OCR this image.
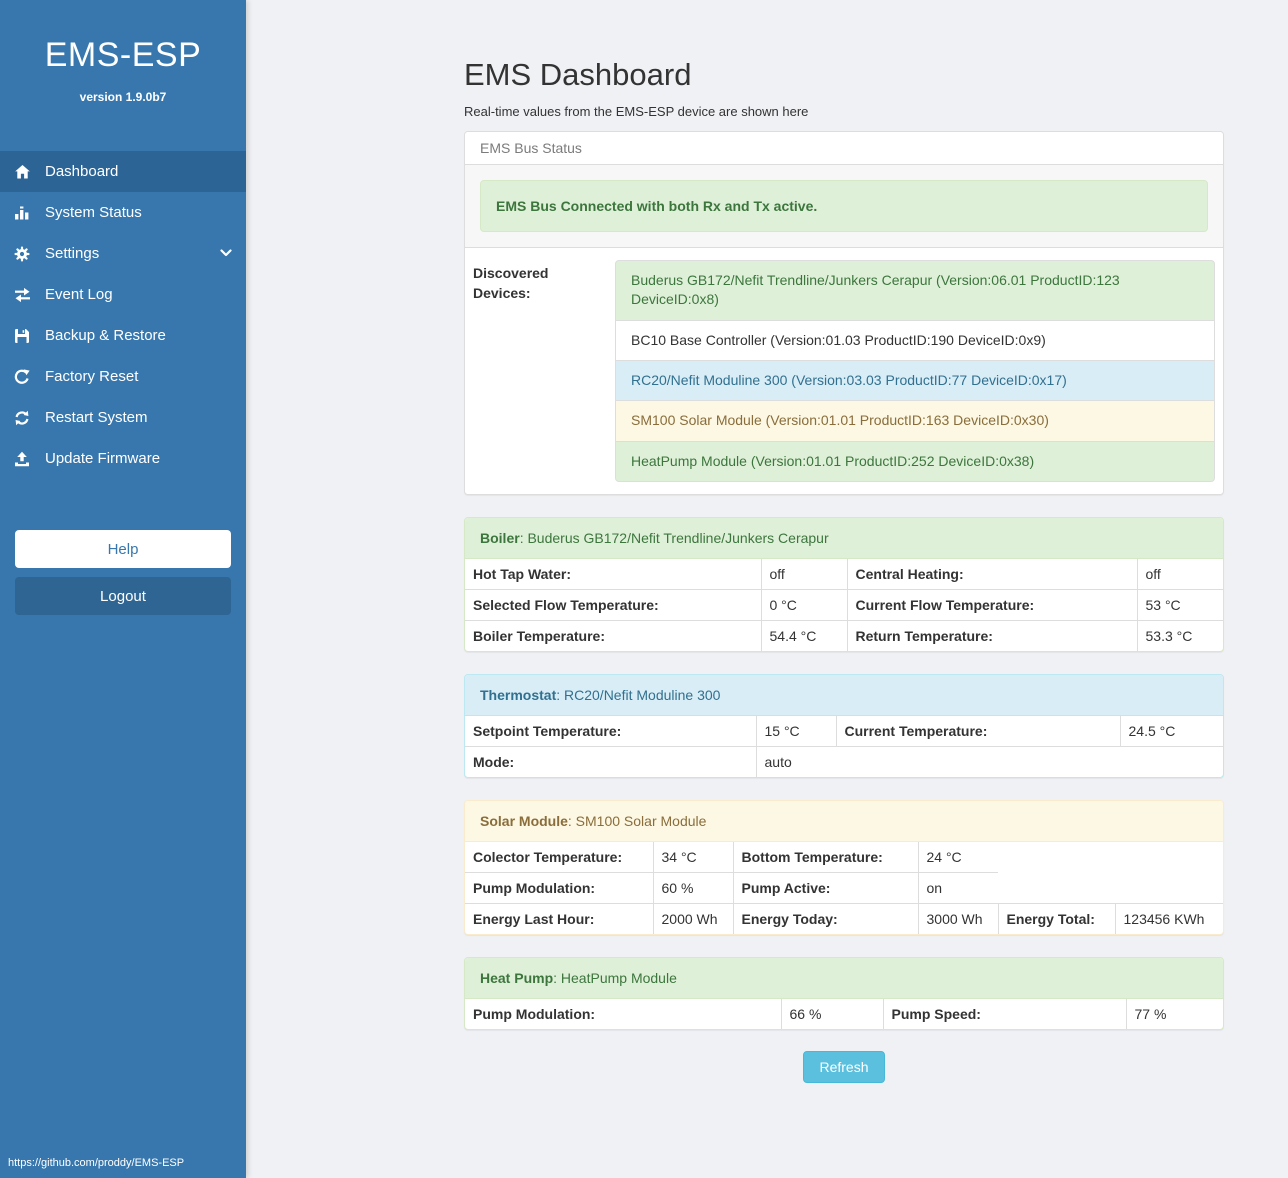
EMS-ESP
version 1.9.0b7
Dashboard
System Status
Settings
Event Log
Backup & Restore
Factory Reset
Restart System
Update Firmware
Help
Logout
https://github.com/proddy/EMS-ESP
EMS Dashboard

Real-time values from the EMS-ESP device are shown here

EMS Bus Status
EMS Bus Connected with both Rx and Tx active.
Discovered Devices:
Buderus GB172/Nefit Trendline/Junkers Cerapur (Version:06.01 ProductID:123 DeviceID:0x8)
BC10 Base Controller (Version:01.03 ProductID:190 DeviceID:0x9)
RC20/Nefit Moduline 300 (Version:03.03 ProductID:77 DeviceID:0x17)
SM100 Solar Module (Version:01.01 ProductID:163 DeviceID:0x30)
HeatPump Module (Version:01.01 ProductID:252 DeviceID:0x38)
Boiler: Buderus GB172/Nefit Trendline/Junkers Cerapur
Hot Tap Water:	off	Central Heating:	off
Selected Flow Temperature:	0 °C	Current Flow Temperature:	53 °C
Boiler Temperature:	54.4 °C	Return Temperature:	53.3 °C
Thermostat: RC20/Nefit Moduline 300
Setpoint Temperature:	15 °C	Current Temperature:	24.5 °C
Mode:	auto		
Solar Module: SM100 Solar Module
Colector Temperature:	34 °C	Bottom Temperature:	24 °C		
Pump Modulation:	60 %	Pump Active:	on		
Energy Last Hour:	2000 Wh	Energy Today:	3000 Wh	Energy Total:	123456 KWh
Heat Pump: HeatPump Module
Pump Modulation:	66 %	Pump Speed:	77 %
Refresh
